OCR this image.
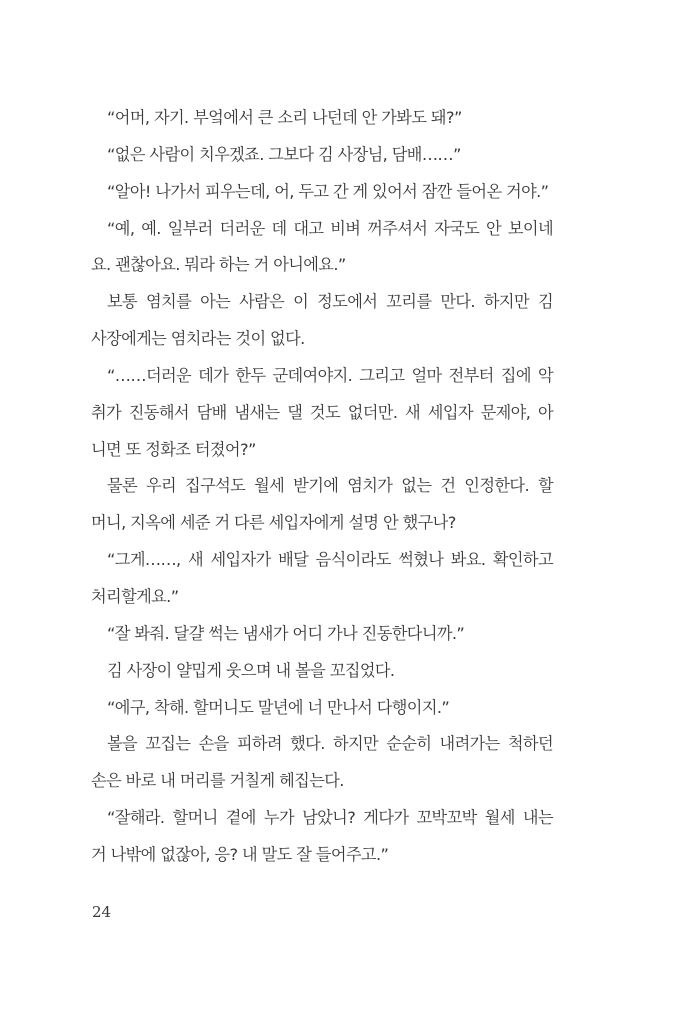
“어머, 자기. 부엌에서 큰 소리 나던데 안 가봐도 돼?”
“없은 사람이 치우겠죠. 그보다 김 사장님, 담배……”
“알아! 나가서 피우는데, 어, 두고 간 게 있어서 잠깐 들어온 거야.”
“예, 예. 일부러 더러운 데 대고 비벼 꺼주셔서 자국도 안 보이네
요. 괜찮아요. 뭐라 하는 거 아니에요.”
보통 염치를 아는 사람은 이 정도에서 꼬리를 만다. 하지만 김
사장에게는 염치라는 것이 없다.
“……더러운 데가 한두 군데여야지. 그리고 얼마 전부터 집에 악
취가 진동해서 담배 냄새는 댈 것도 없더만. 새 세입자 문제야, 아
니면 또 정화조 터졌어?”
물론 우리 집구석도 월세 받기에 염치가 없는 건 인정한다. 할
머니, 지옥에 세준 거 다른 세입자에게 설명 안 했구나?
“그게……, 새 세입자가 배달 음식이라도 썩혔나 봐요. 확인하고
처리할게요.”
“잘 봐줘. 달걀 썩는 냄새가 어디 가나 진동한다니까.”
김 사장이 얄밉게 웃으며 내 볼을 꼬집었다.
“에구, 착해. 할머니도 말년에 너 만나서 다행이지.”
볼을 꼬집는 손을 피하려 했다. 하지만 순순히 내려가는 척하던
손은 바로 내 머리를 거칠게 헤집는다.
“잘해라. 할머니 곁에 누가 남았니? 게다가 꼬박꼬박 월세 내는
거 나밖에 없잖아, 응? 내 말도 잘 들어주고.”
24
